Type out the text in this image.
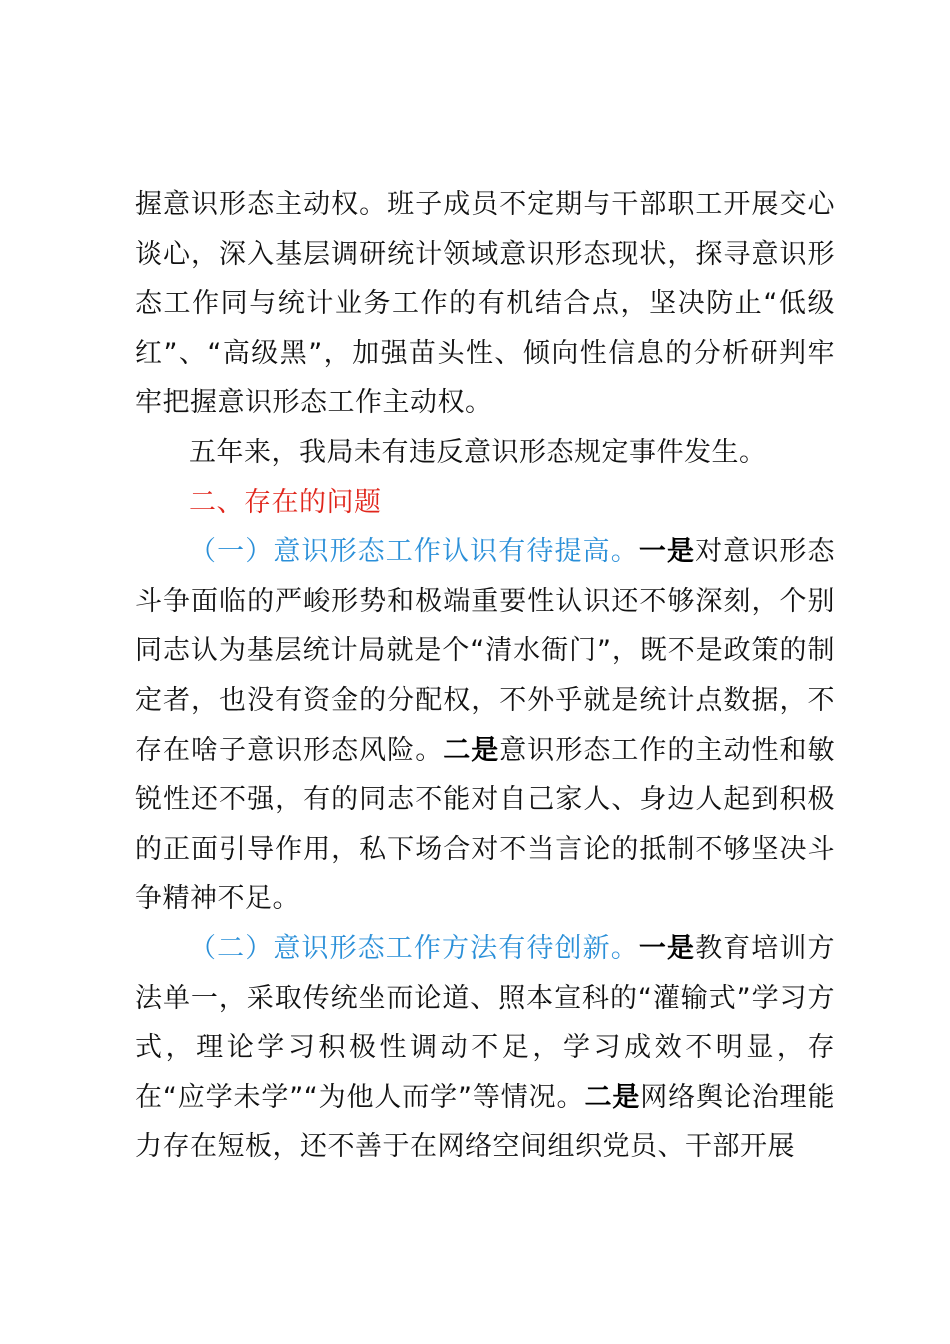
握意识形态主动权。班子成员不定期与干部职工开展交心谈心，深入基层调研统计领域意识形态现状，探寻意识形态工作同与统计业务工作的有机结合点，坚决防止“低级红”、“高级黑”，加强苗头性、倾向性信息的分析研判牢牢把握意识形态工作主动权。

五年来，我局未有违反意识形态规定事件发生。

二、存在的问题

（一）意识形态工作认识有待提高。一是对意识形态斗争面临的严峻形势和极端重要性认识还不够深刻，个别同志认为基层统计局就是个“清水衙门”，既不是政策的制定者，也没有资金的分配权，不外乎就是统计点数据，不存在啥子意识形态风险。二是意识形态工作的主动性和敏锐性还不强，有的同志不能对自己家人、身边人起到积极的正面引导作用，私下场合对不当言论的抵制不够坚决斗争精神不足。

（二）意识形态工作方法有待创新。一是教育培训方法单一，采取传统坐而论道、照本宣科的“灌输式”学习方式，理论学习积极性调动不足，学习成效不明显，存在“应学未学”“为他人而学”等情况。二是网络舆论治理能力存在短板，还不善于在网络空间组织党员、干部开展
